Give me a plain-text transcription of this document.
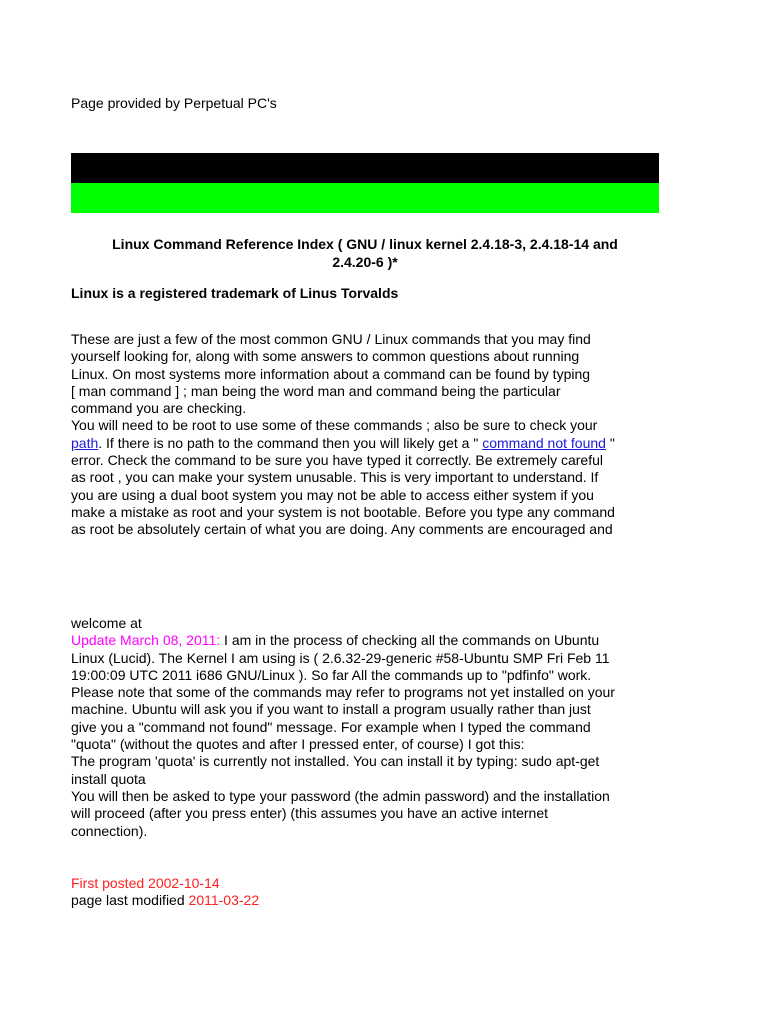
Page provided by Perpetual PC's
Linux Command Reference Index ( GNU / linux kernel 2.4.18-3, 2.4.18-14 and
2.4.20-6 )*
Linux is a registered trademark of Linus Torvalds
These are just a few of the most common GNU / Linux commands that you may find
yourself looking for, along with some answers to common questions about running
Linux. On most systems more information about a command can be found by typing
[ man command ] ; man being the word man and command being the particular
command you are checking.
You will need to be root to use some of these commands ; also be sure to check your
path. If there is no path to the command then you will likely get a " command not found "
error. Check the command to be sure you have typed it correctly. Be extremely careful
as root , you can make your system unusable. This is very important to understand. If
you are using a dual boot system you may not be able to access either system if you
make a mistake as root and your system is not bootable. Before you type any command
as root be absolutely certain of what you are doing. Any comments are encouraged and
welcome at
Update March 08, 2011: I am in the process of checking all the commands on Ubuntu
Linux (Lucid). The Kernel I am using is ( 2.6.32-29-generic #58-Ubuntu SMP Fri Feb 11
19:00:09 UTC 2011 i686 GNU/Linux ). So far All the commands up to "pdfinfo" work.
Please note that some of the commands may refer to programs not yet installed on your
machine. Ubuntu will ask you if you want to install a program usually rather than just
give you a "command not found" message. For example when I typed the command
"quota" (without the quotes and after I pressed enter, of course) I got this:
The program 'quota' is currently not installed. You can install it by typing: sudo apt-get
install quota
You will then be asked to type your password (the admin password) and the installation
will proceed (after you press enter) (this assumes you have an active internet
connection).
First posted 2002-10-14
page last modified 2011-03-22
